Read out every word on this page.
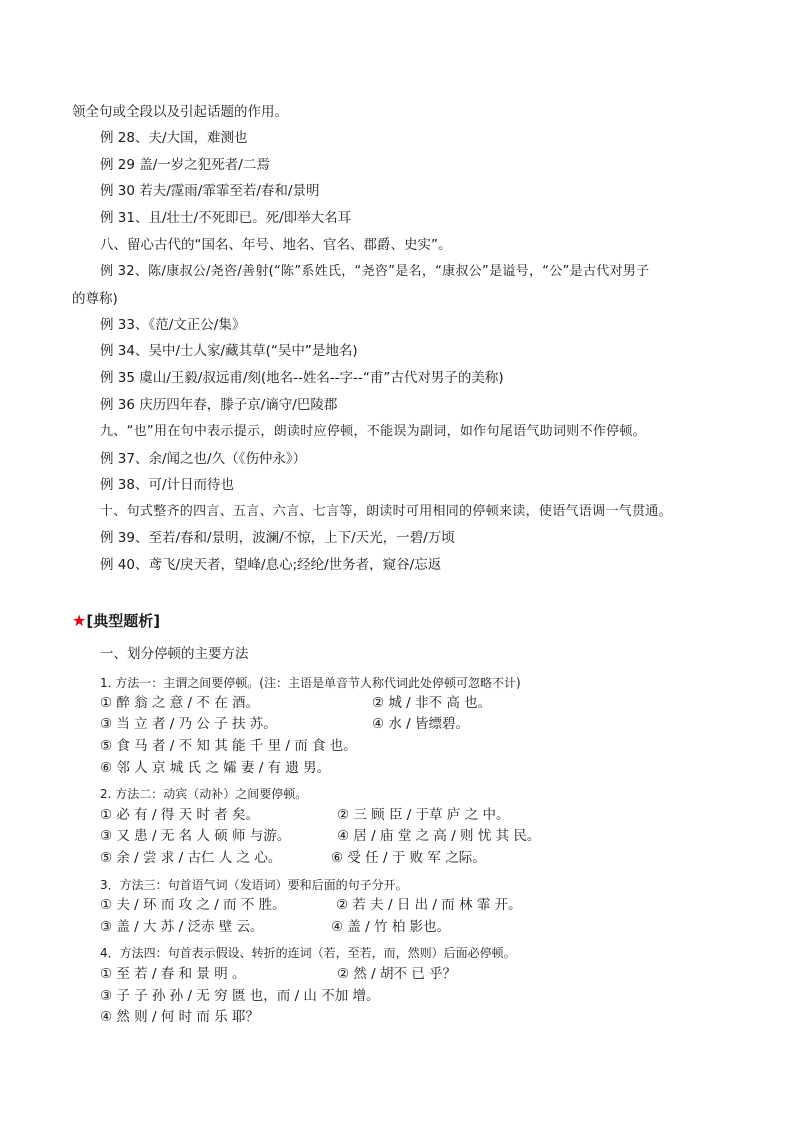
领全句或全段以及引起话题的作用。
例 28、夫/大国，难测也
例 29 盖/一岁之犯死者/二焉
例 30 若夫/霪雨/霏霏至若/春和/景明
例 31、且/壮士/不死即已。死/即举大名耳
八、留心古代的“国名、年号、地名、官名、郡爵、史实”。
例 32、陈/康叔公/尧咨/善射(“陈”系姓氏，“尧咨”是名，“康叔公”是谥号，“公”是古代对男子
的尊称)
例 33、《范/文正公/集》
例 34、吴中/士人家/藏其草(“吴中”是地名)
例 35 虞山/王毅/叔远甫/刻(地名--姓名--字--“甫”古代对男子的美称)
例 36 庆历四年春，滕子京/谪守/巴陵郡
九、“也”用在句中表示提示，朗读时应停顿，不能误为副词，如作句尾语气助词则不作停顿。
例 37、余/闻之也/久（《伤仲永》）
例 38、可/计日而待也
十、句式整齐的四言、五言、六言、七言等，朗读时可用相同的停顿来读，使语气语调一气贯通。
例 39、至若/春和/景明，波澜/不惊，上下/天光，一碧/万顷
例 40、鸢飞/戾天者，望峰/息心;经纶/世务者，窥谷/忘返
★[典型题析]
一、划分停顿的主要方法
1. 方法一：主谓之间要停顿。(注：主语是单音节人称代词此处停顿可忽略不计)
① 醉 翁 之 意 / 不 在 酒。	② 城 / 非不 高 也。
③ 当 立 者 / 乃 公 子 扶 苏。	④ 水 / 皆缥碧。
⑤ 食 马 者 / 不 知 其 能 千 里 / 而 食 也。
⑥ 邻 人 京 城 氏 之 孀 妻 / 有 遗 男。
2. 方法二：动宾（动补）之间要停顿。
① 必 有 / 得 天 时 者 矣。	② 三 顾 臣 / 于草 庐 之 中。
③ 又 患 / 无 名 人 硕 师 与游。	④ 居 / 庙 堂 之 高 / 则 忧 其 民。
⑤ 余 / 尝 求 / 古仁 人 之 心。	⑥ 受 任 / 于 败 军 之际。
3．方法三：句首语气词（发语词）要和后面的句子分开。
① 夫 / 环 而 攻 之 / 而 不 胜。	② 若 夫 / 日 出 / 而 林 霏 开。
③ 盖 / 大 苏 / 泛赤 壁 云。	④ 盖 / 竹 柏 影也。
4．方法四：句首表示假设、转折的连词（若，至若，而，然则）后面必停顿。
① 至 若 / 春 和 景 明 。	② 然 / 胡不 已 乎？
③ 子 子 孙 孙 / 无 穷 匮 也，而 / 山 不加 增。
④ 然 则 / 何 时 而 乐 耶？
